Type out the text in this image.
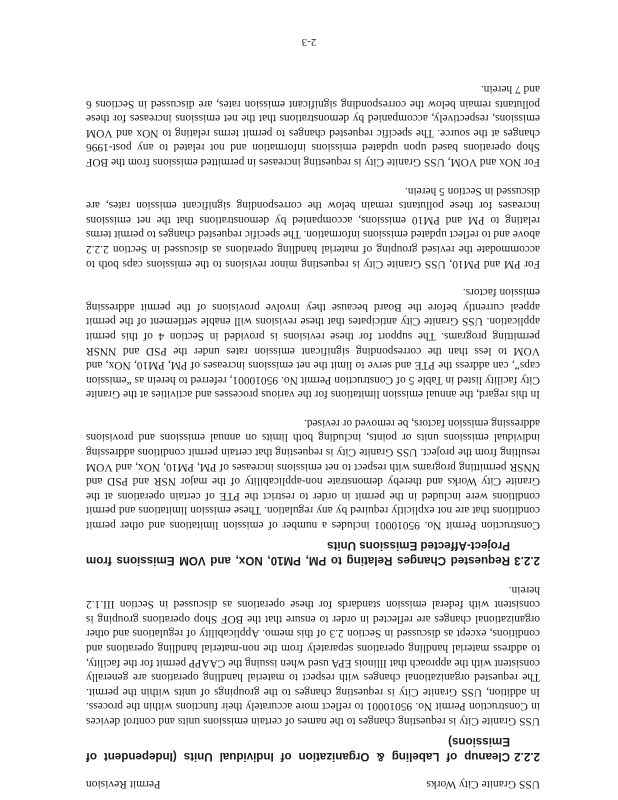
USS Granite City Works
Permit Revision
2.2.2
Cleanup of Labeling & Organization of Individual Units (Independent of Emissions)

USS Granite City is requesting changes to the names of certain emissions units and control devices in Construction Permit No. 95010001 to reflect more accurately their functions within the process. In addition, USS Granite City is requesting changes to the groupings of units within the permit. The requested organizational changes with respect to material handling operations are generally consistent with the approach that Illinois EPA used when issuing the CAAPP permit for the facility, to address material handling operations separately from the non-material handling operations and conditions, except as discussed in Section 2.3 of this memo. Applicability of regulations and other organizational changes are reflected in order to ensure that the BOF Shop operations grouping is consistent with federal emission standards for these operations as discussed in Section III.1.2 herein.

2.2.3
Requested Changes Relating to PM, PM10, NOx, and VOM Emissions from Project-Affected Emissions Units

Construction Permit No. 95010001 includes a number of emission limitations and other permit conditions that are not explicitly required by any regulation. These emission limitations and permit conditions were included in the permit in order to restrict the PTE of certain operations at the Granite City Works and thereby demonstrate non-applicability of the major NSR and PSD and NNSR permitting programs with respect to net emissions increases of PM, PM10, NOx, and VOM resulting from the project. USS Granite City is requesting that certain permit conditions addressing individual emissions units or points, including both limits on annual emissions and provisions addressing emission factors, be removed or revised.

In this regard, the annual emission limitations for the various processes and activities at the Granite City facility listed in Table 5 of Construction Permit No. 95010001, referred to herein as “emission caps”, can address the PTE and serve to limit the net emissions increases of PM, PM10, NOx, and VOM to less than the corresponding significant emission rates under the PSD and NNSR permitting programs. The support for these revisions is provided in Section 4 of this permit application. USS Granite City anticipates that these revisions will enable settlement of the permit appeal currently before the Board because they involve provisions of the permit addressing emission factors.

For PM and PM10, USS Granite City is requesting minor revisions to the emissions caps both to accommodate the revised grouping of material handling operations as discussed in Section 2.2.2 above and to reflect updated emissions information. The specific requested changes to permit terms relating to PM and PM10 emissions, accompanied by demonstrations that the net emissions increases for these pollutants remain below the corresponding significant emission rates, are discussed in Section 5 herein.

For NOx and VOM, USS Granite City is requesting increases in permitted emissions from the BOF Shop operations based upon updated emissions information and not related to any post-1996 changes at the source. The specific requested changes to permit terms relating to NOx and VOM emissions, respectively, accompanied by demonstrations that the net emissions increases for these pollutants remain below the corresponding significant emission rates, are discussed in Sections 6 and 7 herein.

2-3
